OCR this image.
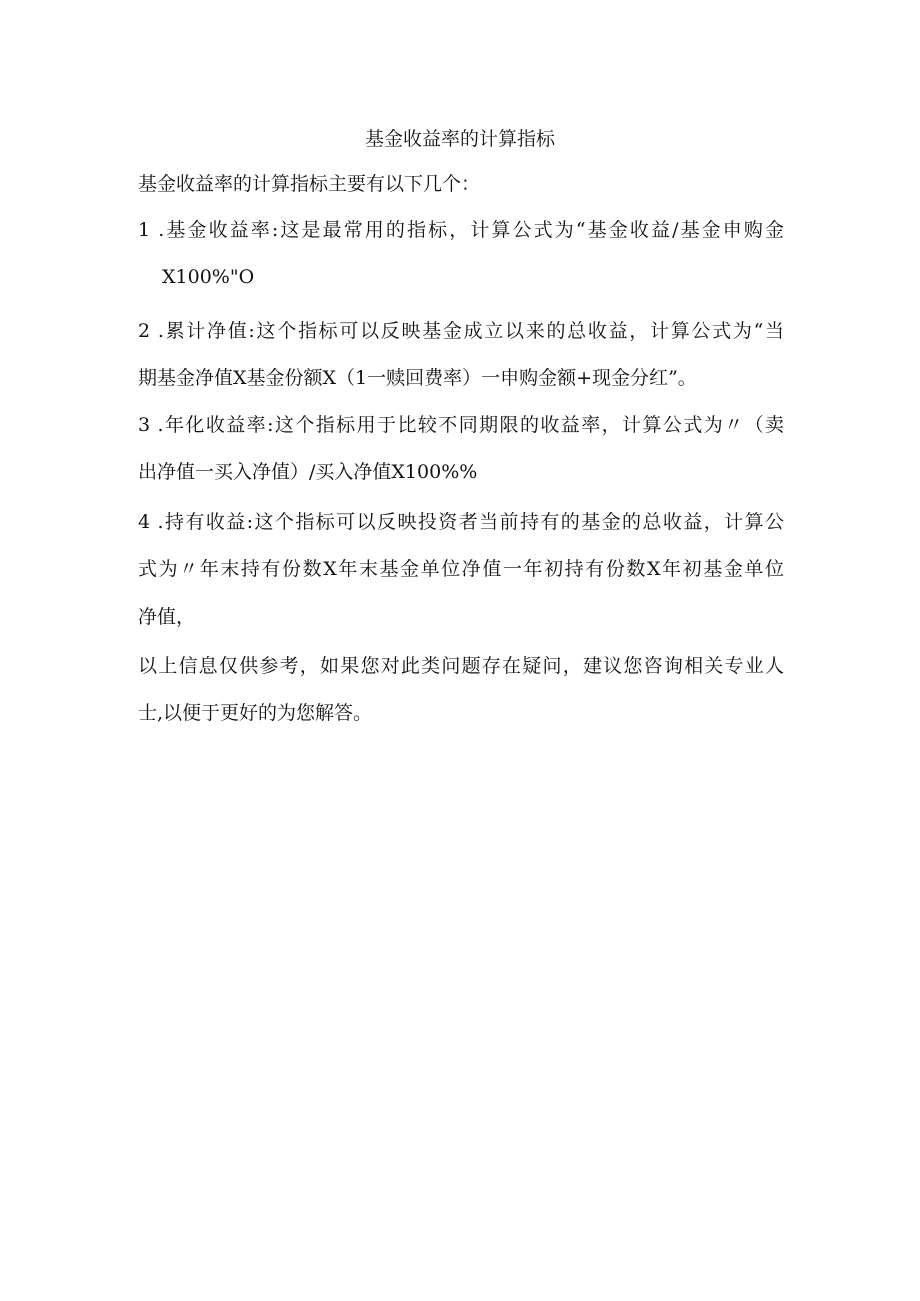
基金收益率的计算指标
基金收益率的计算指标主要有以下几个：
1 .基金收益率:这是最常用的指标，计算公式为“基金收益/基金申购金
X100%"O
2 .累计净值:这个指标可以反映基金成立以来的总收益，计算公式为“当
期基金净值X基金份额X（1一赎回费率）一申购金额+现金分红”。
3 .年化收益率:这个指标用于比较不同期限的收益率，计算公式为〃（卖
出净值一买入净值）/买入净值X100%%
4 .持有收益:这个指标可以反映投资者当前持有的基金的总收益，计算公
式为〃年末持有份数X年末基金单位净值一年初持有份数X年初基金单位
净值，
以上信息仅供参考，如果您对此类问题存在疑问，建议您咨询相关专业人
士,以便于更好的为您解答。
